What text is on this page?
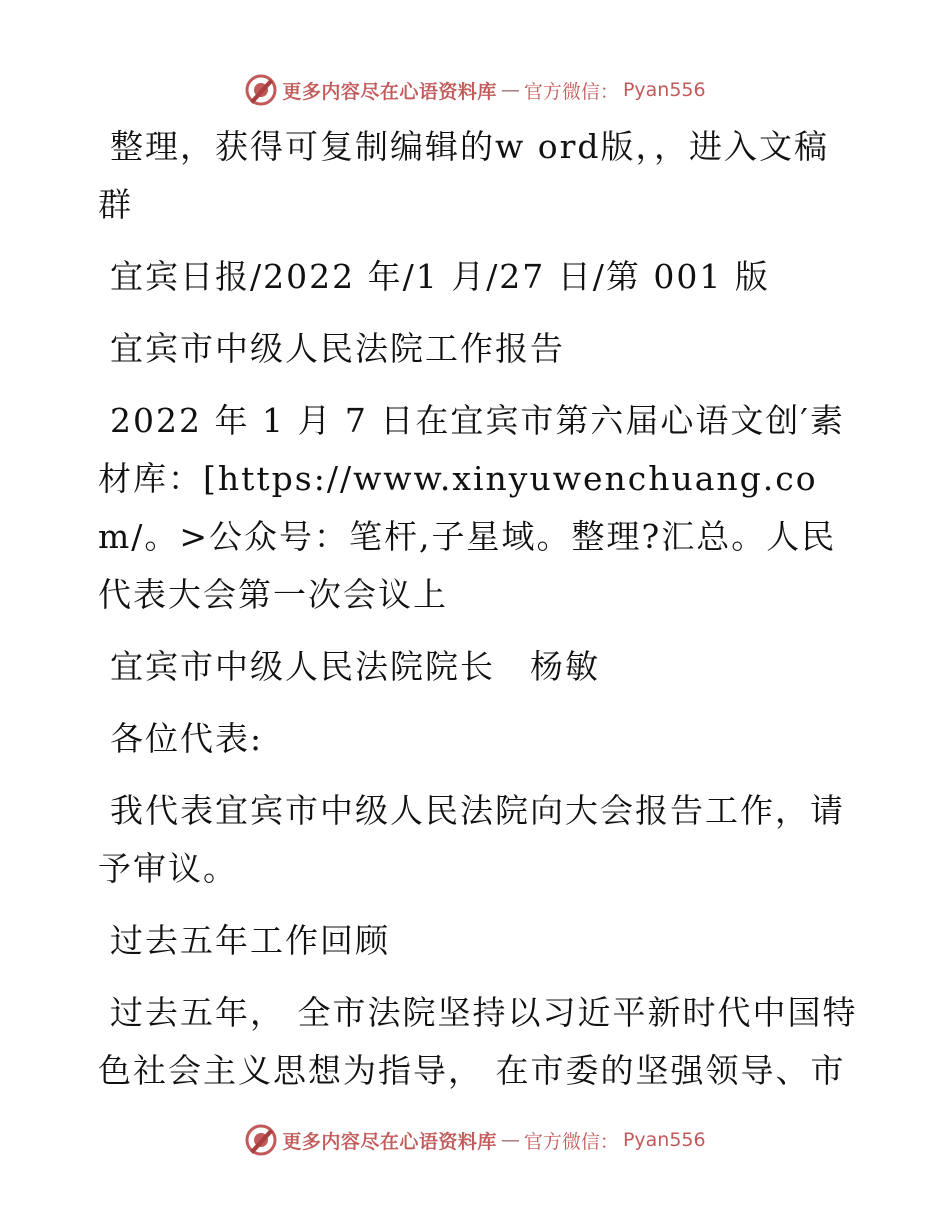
更多内容尽在心语资料库 — 官方微信： Pyan556

整理，获得可复制编辑的w ord版，，进入文稿群

宜宾日报/2022 年/1 月/27 日/第 001 版

宜宾市中级人民法院工作报告

2022 年 1 月 7 日在宜宾市第六届心语文创′素材库：[https://www.xinyuwenchuang.com/。>公众号：笔杆,子星域。整理?汇总。人民代表大会第一次会议上

宜宾市中级人民法院院长　杨敏

各位代表:

我代表宜宾市中级人民法院向大会报告工作，请予审议。

过去五年工作回顾

过去五年， 全市法院坚持以习近平新时代中国特色社会主义思想为指导， 在市委的坚强领导、市

更多内容尽在心语资料库 — 官方微信： Pyan556
